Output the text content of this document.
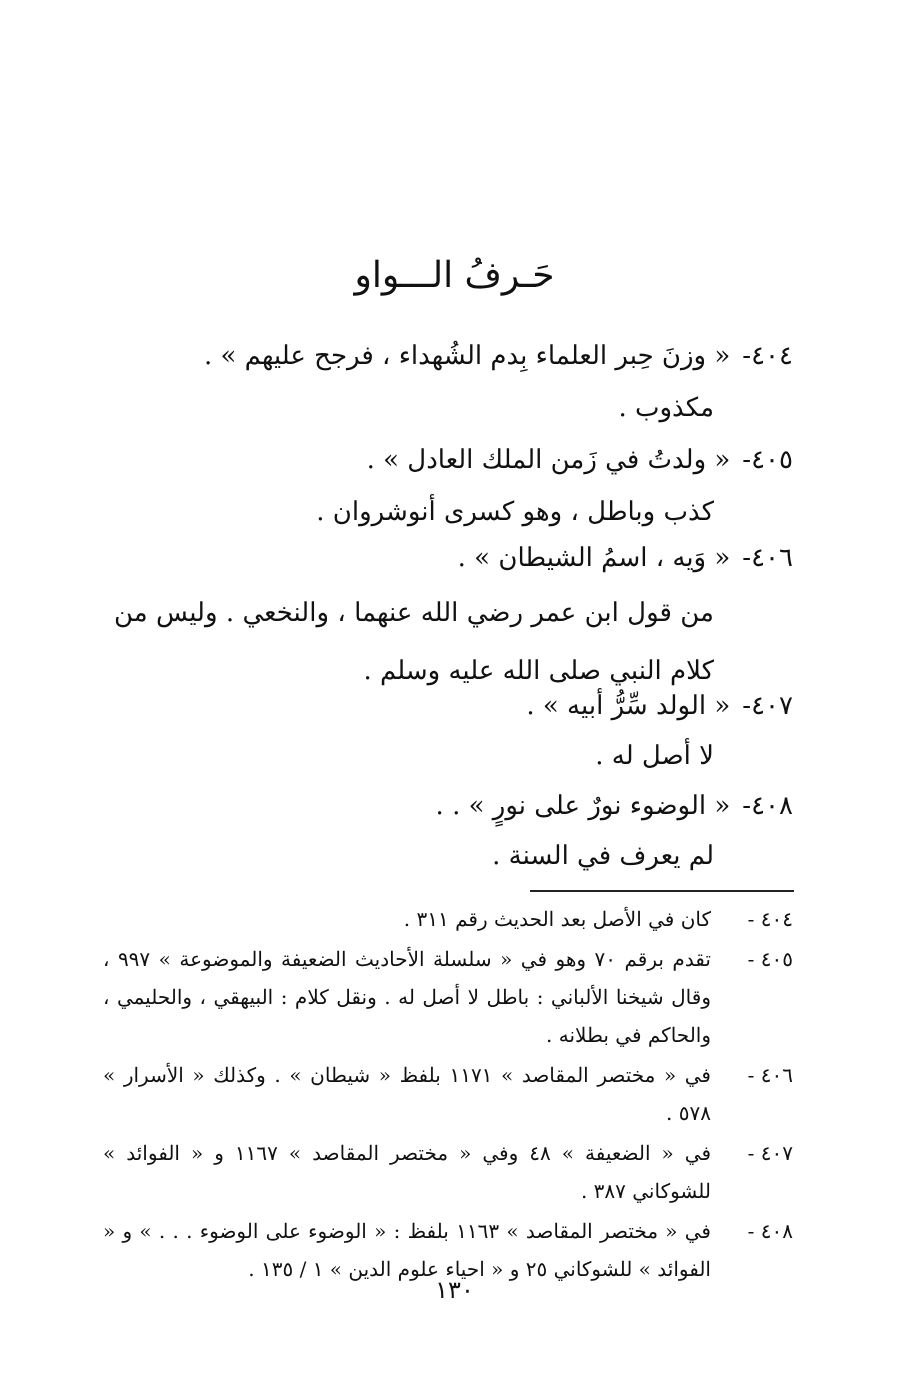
حَـرفُ الـــواو
٤٠٤-« وزنَ حِبر العلماء بِدم الشُهداء ، فرجح عليهم » .
مكذوب .
٤٠٥-« ولدتُ في زَمن الملك العادل » .
كذب وباطل ، وهو كسرى أنوشروان .
٤٠٦-« وَيه ، اسمُ الشيطان » .
من قول ابن عمر رضي الله عنهما ، والنخعي . وليس من كلام النبي صلى الله عليه وسلم .
٤٠٧-« الولد سِّرُّ أبيه » .
لا أصل له .
٤٠٨-« الوضوء نورٌ على نورٍ » . .
لم يعرف في السنة .
٤٠٤ -
كان في الأصل بعد الحديث رقم ٣١١ .
٤٠٥ -
تقدم برقم ٧٠ وهو في « سلسلة الأحاديث الضعيفة والموضوعة » ٩٩٧ ، وقال شيخنا الألباني : باطل لا أصل له . ونقل كلام : البيهقي ، والحليمي ، والحاكم في بطلانه .
٤٠٦ -
في « مختصر المقاصد » ١١٧١ بلفظ « شيطان » . وكذلك « الأسرار » ٥٧٨ .
٤٠٧ -
في « الضعيفة » ٤٨ وفي « مختصر المقاصد » ١١٦٧ و « الفوائد » للشوكاني ٣٨٧ .
٤٠٨ -
في « مختصر المقاصد » ١١٦٣ بلفظ : « الوضوء على الوضوء . . . » و « الفوائد » للشوكاني ٢٥ و « احياء علوم الدين » ١ / ١٣٥ .
١٣٠
